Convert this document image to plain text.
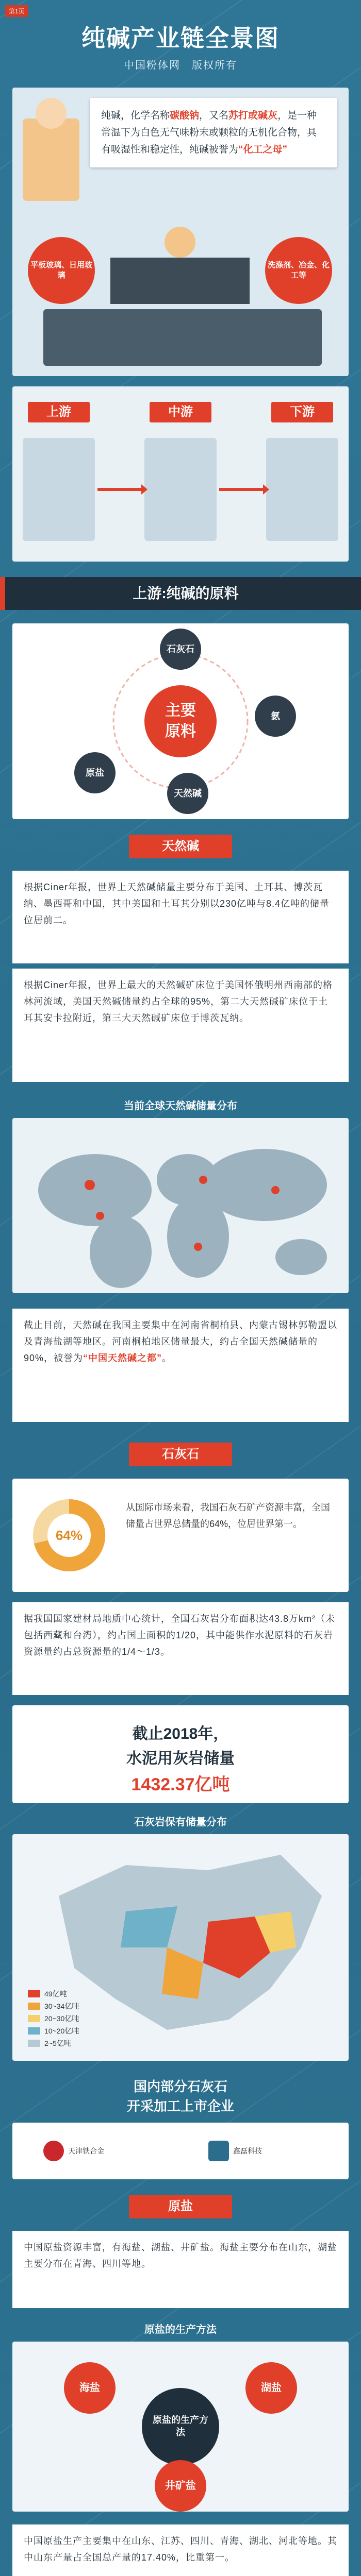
第1页
纯碱产业链全景图
中国粉体网　版权所有
纯碱，化学名称碳酸钠，又名苏打或碱灰，是一种常温下为白色无气味粉末或颗粒的无机化合物，具有吸湿性和稳定性，纯碱被誉为“化工之母”
平板玻璃、日用玻璃
洗涤剂、冶金、化工等
上游	中游	下游
上游:纯碱的原料
主要
原料
石灰石
原盐
天然碱
氨
天然碱
根据Ciner年报，世界上天然碱储量主要分布于美国、土耳其、博茨瓦纳、墨西哥和中国，其中美国和土耳其分别以230亿吨与8.4亿吨的储量位居前二。
根据Ciner年报，世界上最大的天然碱矿床位于美国怀俄明州西南部的格林河流域，美国天然碱储量约占全球的95%，第二大天然碱矿床位于土耳其安卡拉附近，第三大天然碱矿床位于博茨瓦纳。
当前全球天然碱储量分布
截止目前，天然碱在我国主要集中在河南省桐柏县、内蒙古锡林郭勒盟以及青海盐湖等地区。河南桐柏地区储量最大，约占全国天然碱储量的90%，被誉为“中国天然碱之都”。
石灰石
64%
从国际市场来看，我国石灰石矿产资源丰富，全国储量占世界总储量的64%，位居世界第一。
据我国国家建材局地质中心统计，全国石灰岩分布面积达43.8万km²（未包括西藏和台湾），约占国土面积的1/20，其中能供作水泥原料的石灰岩资源量约占总资源量的1/4～1/3。
截止2018年，
水泥用灰岩储量
1432.37亿吨
石灰岩保有储量分布
49亿吨
30~34亿吨
20~30亿吨
10~20亿吨
2~5亿吨
国内部分石灰石
开采加工上市企业
天津铁合金	鑫磊科技
原盐
中国原盐资源丰富，有海盐、湖盐、井矿盐。海盐主要分布在山东，湖盐主要分布在青海、四川等地。
原盐的生产方法
原盐的生产方法
海盐	湖盐
井矿盐
中国原盐生产主要集中在山东、江苏、四川、青海、湖北、河北等地。其中山东产量占全国总产量的17.40%，比重第一。
